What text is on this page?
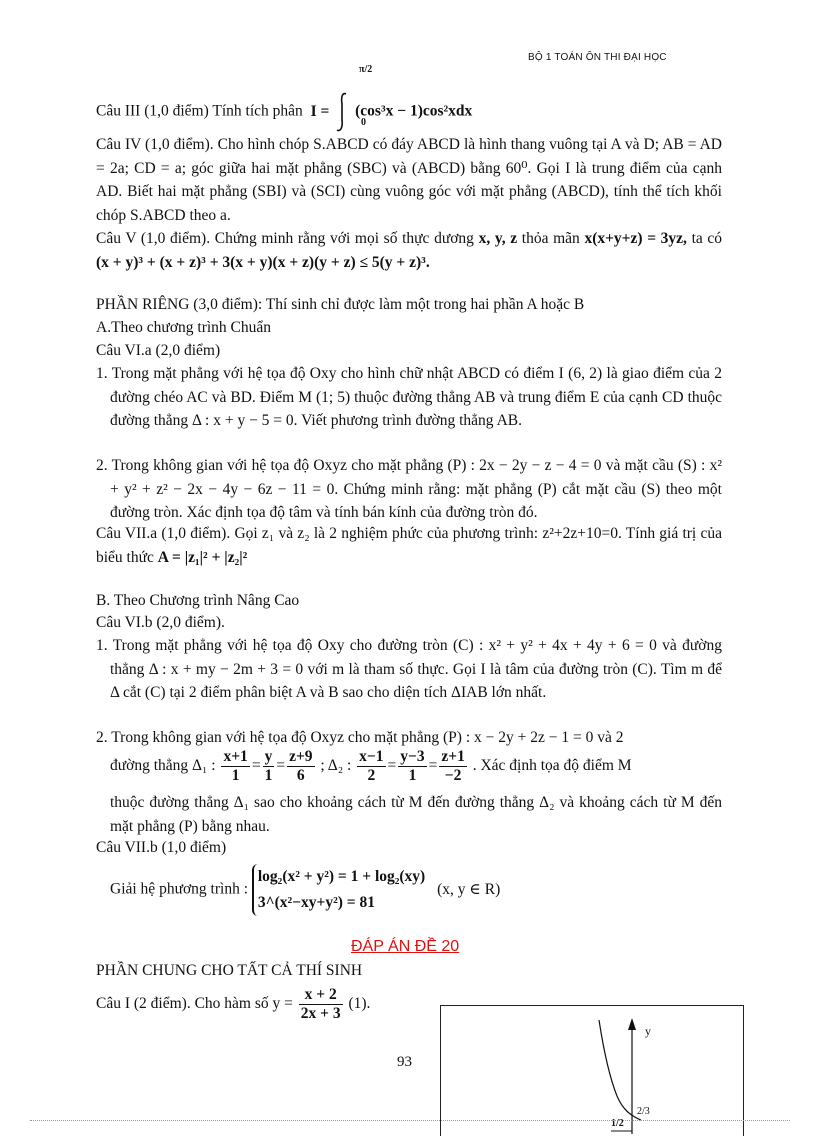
BỘ 1 TOÁN ÔN THI ĐẠI HỌC
Câu III (1,0 điểm) Tính tích phân I = (cos³x − 1)cos²xdx
π/2
0
Câu IV (1,0 điểm). Cho hình chóp S.ABCD có đáy ABCD là hình thang vuông tại A và D; AB = AD = 2a; CD = a; góc giữa hai mặt phẳng (SBC) và (ABCD) bằng 60⁰. Gọi I là trung điểm của cạnh AD. Biết hai mặt phẳng (SBI) và (SCI) cùng vuông góc với mặt phẳng (ABCD), tính thể tích khối chóp S.ABCD theo a.
Câu V (1,0 điểm). Chứng minh rằng với mọi số thực dương x, y, z thỏa mãn x(x+y+z) = 3yz, ta có (x + y)³ + (x + z)³ + 3(x + y)(x + z)(y + z) ≤ 5(y + z)³.
PHẦN RIÊNG (3,0 điểm): Thí sinh chỉ được làm một trong hai phần A hoặc B
A.Theo chương trình Chuẩn
Câu VI.a (2,0 điểm)
1. Trong mặt phẳng với hệ tọa độ Oxy cho hình chữ nhật ABCD có điểm I (6, 2) là giao điểm của 2 đường chéo AC và BD. Điểm M (1; 5) thuộc đường thẳng AB và trung điểm E của cạnh CD thuộc đường thẳng Δ : x + y − 5 = 0. Viết phương trình đường thẳng AB.
2. Trong không gian với hệ tọa độ Oxyz cho mặt phẳng (P) : 2x − 2y − z − 4 = 0 và mặt cầu (S) : x² + y² + z² − 2x − 4y − 6z − 11 = 0. Chứng minh rằng: mặt phẳng (P) cắt mặt cầu (S) theo một đường tròn. Xác định tọa độ tâm và tính bán kính của đường tròn đó.
Câu VII.a (1,0 điểm). Gọi z₁ và z₂ là 2 nghiệm phức của phương trình: z²+2z+10=0. Tính giá trị của biểu thức A = |z₁|² + |z₂|²
B. Theo Chương trình Nâng Cao
Câu VI.b (2,0 điểm).
1. Trong mặt phẳng với hệ tọa độ Oxy cho đường tròn (C) : x² + y² + 4x + 4y + 6 = 0 và đường thẳng Δ : x + my − 2m + 3 = 0 với m là tham số thực. Gọi I là tâm của đường tròn (C). Tìm m để Δ cắt (C) tại 2 điểm phân biệt A và B sao cho diện tích ΔIAB lớn nhất.
2. Trong không gian với hệ tọa độ Oxyz cho mặt phẳng (P) : x − 2y + 2z − 1 = 0 và 2
đường thẳng Δ₁ : $\frac{x+1}{1} = \frac{y}{1} = \frac{z+9}{6}$ ; Δ₂ : $\frac{x-1}{2} = \frac{y-3}{1} = \frac{z+1}{-2}$ . Xác định tọa độ điểm M
thuộc đường thẳng Δ₁ sao cho khoảng cách từ M đến đường thẳng Δ₂ và khoảng cách từ M đến mặt phẳng (P) bằng nhau.
Câu VII.b (1,0 điểm)
Giải hệ phương trình :
log₂(x² + y²) = 1 + log₂(xy)
3^(x²−xy+y²) = 81
(x, y ∈ R)
ĐÁP ÁN ĐỀ 20
PHẦN CHUNG CHO TẤT CẢ THÍ SINH
Câu I (2 điểm). Cho hàm số $y = \frac{x + 2}{2x + 3} (1)$.
93
y
2/3
1/2
